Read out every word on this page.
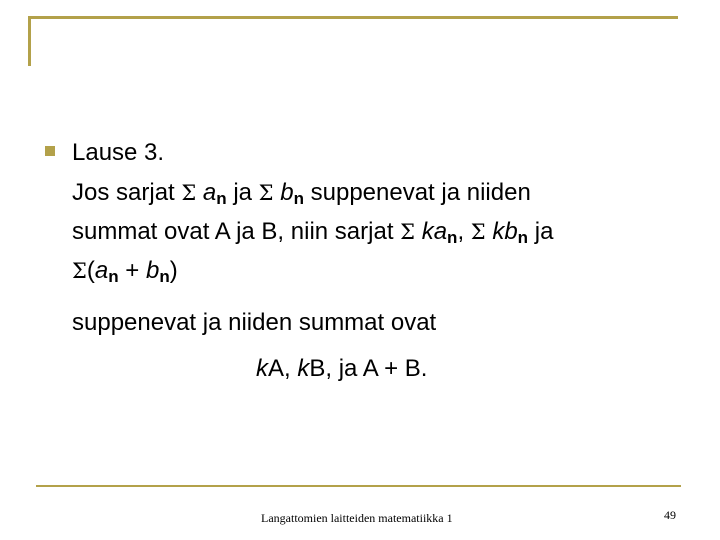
Lause 3.
Jos sarjat Σ $a_n$ ja Σ $b_n$ suppenevat ja niiden
summat ovat A ja B, niin sarjat Σ $ka_n$, Σ $kb_n$ ja
$\Sigma(a_n + b_n)$
suppenevat ja niiden summat ovat
kA, kB, ja A + B.
Langattomien laitteiden matematiikka 1	49
